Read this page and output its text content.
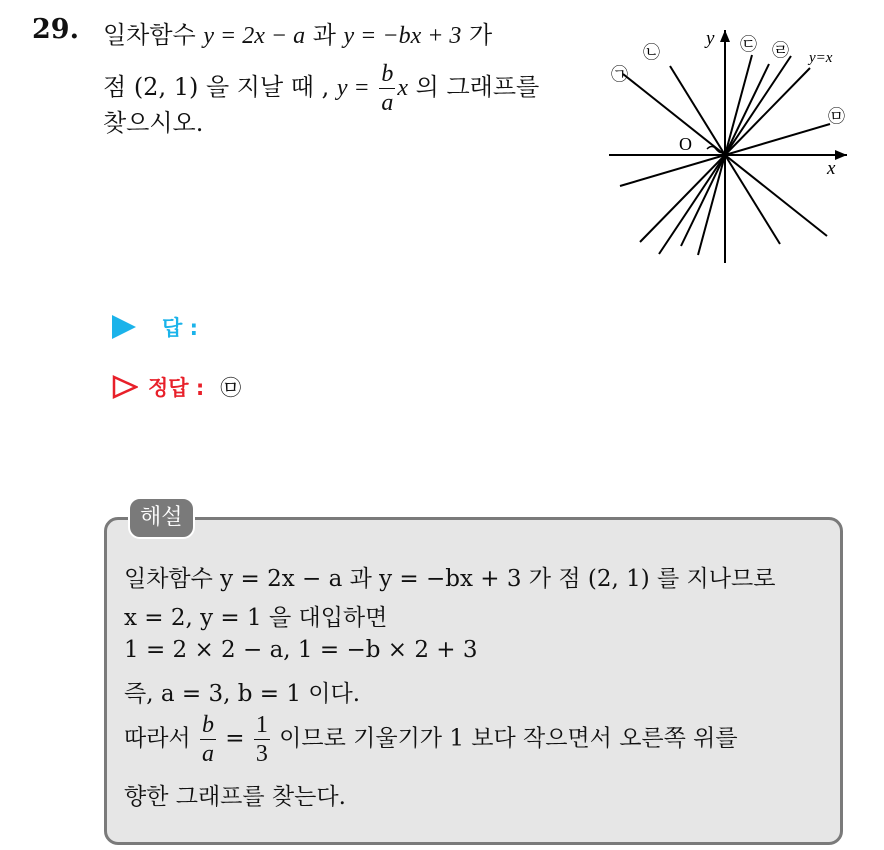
29. 일차함수 y = 2x − a 과 y = −bx + 3 가
점 (2, 1) 을 지날 때 , $y = \frac{b}{a}$ x 의 그래프를
찾으시오.
y
x
O
y=x
㉠
㉡	㉢ ㉣
㉤
답 :
정답 : ㉤
해설
일차함수 y = 2x − a 과 y = −bx + 3 가 점 (2, 1) 를 지나므로
x = 2, y = 1 을 대입하면
1 = 2 × 2 − a, 1 = −b × 2 + 3
즉, a = 3, b = 1 이다.
따라서 $\frac{b}{a} = \frac{1}{3}$ 이므로 기울기가 1 보다 작으면서 오른쪽 위를
향한 그래프를 찾는다.
